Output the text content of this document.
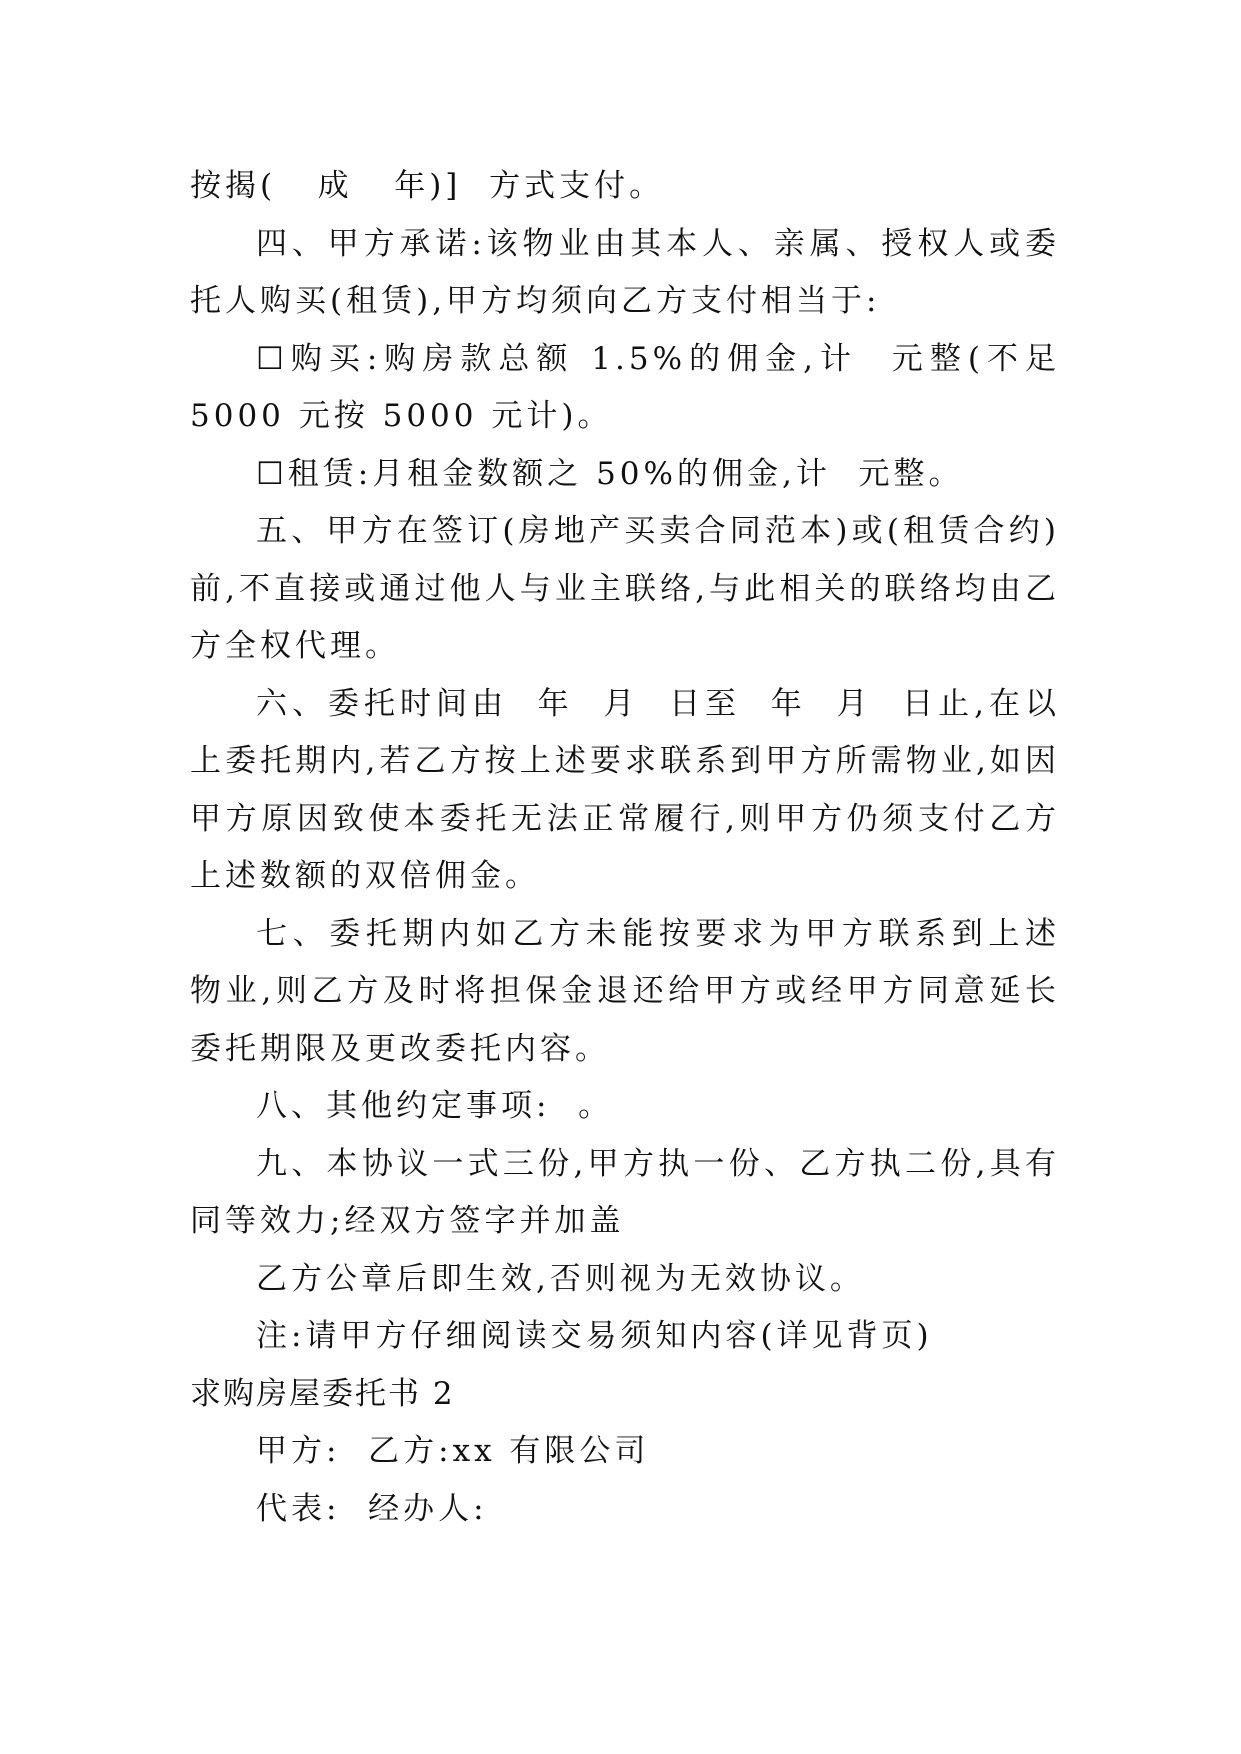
按揭(   成   年)]  方式支付。

四、甲方承诺:该物业由其本人、亲属、授权人或委托人购买(租赁),甲方均须向乙方支付相当于:

☐购买:购房款总额 1.5%的佣金,计  元整(不足 5000 元按 5000 元计)。

☐租赁:月租金数额之 50%的佣金,计  元整。

五、甲方在签订(房地产买卖合同范本)或(租赁合约)前,不直接或通过他人与业主联络,与此相关的联络均由乙方全权代理。

六、委托时间由  年  月  日至  年  月  日止,在以上委托期内,若乙方按上述要求联系到甲方所需物业,如因甲方原因致使本委托无法正常履行,则甲方仍须支付乙方上述数额的双倍佣金。

七、委托期内如乙方未能按要求为甲方联系到上述物业,则乙方及时将担保金退还给甲方或经甲方同意延长委托期限及更改委托内容。

八、其他约定事项:  。

九、本协议一式三份,甲方执一份、乙方执二份,具有同等效力;经双方签字并加盖

乙方公章后即生效,否则视为无效协议。

注:请甲方仔细阅读交易须知内容(详见背页)

求购房屋委托书 2

甲方:  乙方:xx 有限公司

代表:  经办人:
